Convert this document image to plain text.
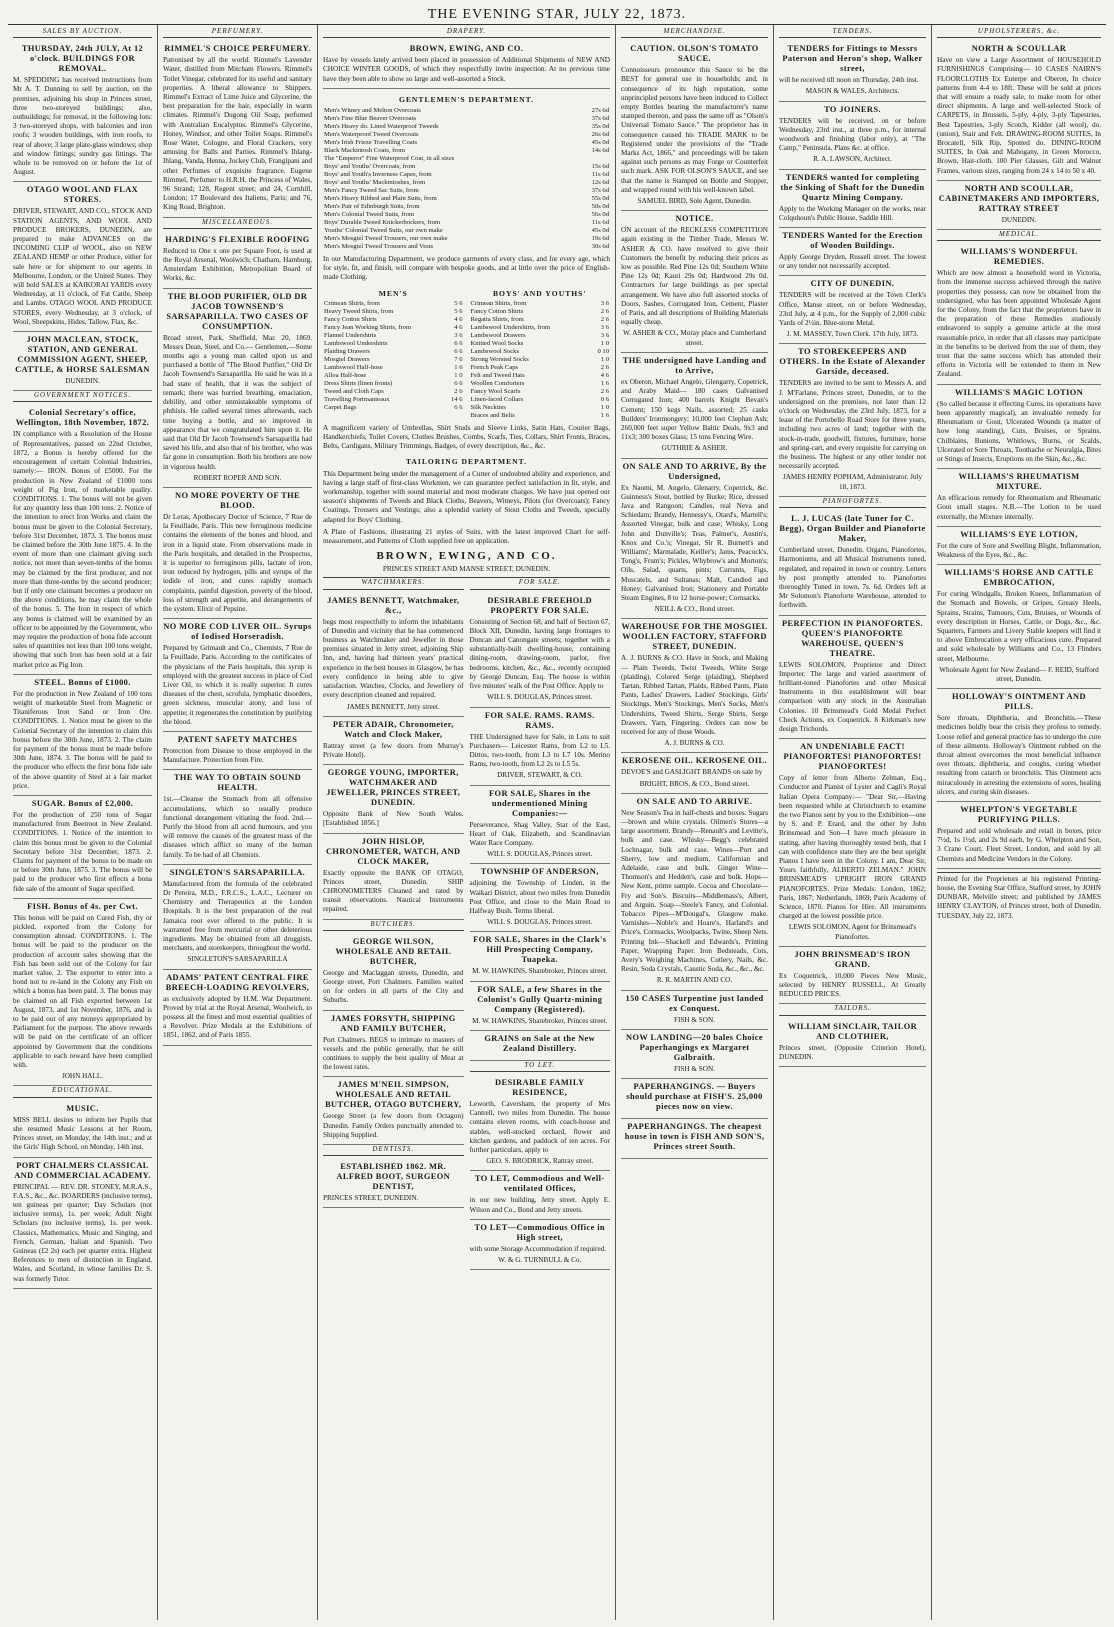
THE EVENING STAR, JULY 22, 1873.
SALES BY AUCTION.
THURSDAY, 24th JULY, At 12 o'clock. BUILDINGS FOR REMOVAL.
M. SPEDDING has received instructions from Mr A. T. Dunning to sell by auction, on the premises, adjoining his shop in Princes street, three two-storeyed buildings; also, outbuildings; for removal, in the following lots: 3 two-storeyed shops, with balconies and iron roofs; 3 wooden buildings, with iron roofs, to rear of above; 3 large plate-glass windows; shop and window fittings; sundry gas fittings. The whole to be removed on or before the 1st of August.
OTAGO WOOL AND FLAX STORES.
DRIVER, STEWART, AND CO., STOCK AND STATION AGENTS, AND WOOL AND PRODUCE BROKERS, DUNEDIN, are prepared to make ADVANCES on the INCOMING CLIP of WOOL, also on NEW ZEALAND HEMP or other Produce, either for sale here or for shipment to our agents in Melbourne, London, or the United States. They will hold SALES at KAIKORAI YARDS every Wednesday, at 11 o'clock, of Fat Cattle, Sheep and Lambs. OTAGO WOOL AND PRODUCE STORES, every Wednesday, at 3 o'clock, of Wool, Sheepskins, Hides, Tallow, Flax, &c.
JOHN MACLEAN, STOCK, STATION, AND GENERAL COMMISSION AGENT, SHEEP, CATTLE, & HORSE SALESMAN
DUNEDIN.
GOVERNMENT NOTICES.
Colonial Secretary's office, Wellington, 18th November, 1872.
IN compliance with a Resolution of the House of Representatives, passed on 22nd October, 1872, a Bonus is hereby offered for the encouragement of certain Colonial Industries, namely:— IRON. Bonus of £5000. For the production in New Zealand of £1000 tons weight of Pig Iron, of marketable quality. CONDITIONS. 1. The bonus will not be given for any quantity less than 100 tons. 2. Notice of the intention to erect Iron Works and claim the bonus must be given to the Colonial Secretary, before 31st December, 1873. 3. The bonus must be claimed before the 30th June 1875. 4. In the event of more than one claimant giving such notice, not more than seven-tenths of the bonus may be claimed by the first producer, and not more than three-tenths by the second producer; but if only one claimant becomes a producer on the above conditions, he may claim the whole of the bonus. 5. The Iron in respect of which any bonus is claimed will be examined by an officer to be appointed by the Government, who may require the production of bona fide account sales of quantities not less than 100 tons weight, showing that such Iron has been sold at a fair market price as Pig Iron.
STEEL. Bonus of £1000.
For the production in New Zealand of 100 tons weight of marketable Steel from Magnetic or Titaniferous Iron Sand or Iron Ore. CONDITIONS. 1. Notice must be given to the Colonial Secretary of the intention to claim this bonus before the 30th June, 1873. 2. The claim for payment of the bonus must be made before 30th June, 1874. 3. The bonus will be paid to the producer who effects the first bona fide sale of the above quantity of Steel at a fair market price.
SUGAR. Bonus of £2,000.
For the production of 250 tons of Sugar manufactured from Beetroot in New Zealand. CONDITIONS. 1. Notice of the intention to claim this bonus must be given to the Colonial Secretary before 31st December, 1873. 2. Claims for payment of the bonus to be made on or before 30th June, 1875. 3. The bonus will be paid to the producer who first effects a bona fide sale of the amount of Sugar specified.
FISH. Bonus of 4s. per Cwt.
This bonus will be paid on Cured Fish, dry or pickled, exported from the Colony for consumption abroad. CONDITIONS. 1. The bonus will be paid to the producer on the production of account sales showing that the Fish has been sold out of the Colony for fair market value. 2. The exporter to enter into a bond not to re-land in the Colony any Fish on which a bonus has been paid. 3. The bonus may be claimed on all Fish exported between 1st August, 1873, and 1st November, 1876, and is to be paid out of any moneys appropriated by Parliament for the purpose. The above rewards will be paid on the certificate of an officer appointed by Government that the conditions applicable to each reward have been complied with.
JOHN HALL.
EDUCATIONAL.
MUSIC.
MISS BELL desires to inform her Pupils that she resumed Music Lessons at her Room, Princes street, on Monday, the 14th inst.; and at the Girls' High School, on Monday, 14th inst.
PORT CHALMERS CLASSICAL AND COMMERCIAL ACADEMY.
PRINCIPAL — REV. DR. STONEY, M.R.A.S., F.A.S., &c., &c. BOARDERS (inclusive terms), ten guineas per quarter; Day Scholars (not inclusive terms), 1s. per week; Adult Night Scholars (no inclusive terms), 1s. per week. Classics, Mathematics, Music and Singing, and French, German, Italian and Spanish. Two Guineas (£2 2s) each per quarter extra. Highest References to men of distinction in England, Wales, and Scotland, in whose families Dr. S. was formerly Tutor.
PERFUMERY.
RIMMEL'S CHOICE PERFUMERY.
Patronised by all the world. Rimmel's Lavender Water, distilled from Mitcham Flowers. Rimmel's Toilet Vinegar, celebrated for its useful and sanitary properties. A liberal allowance to Shippers. Rimmel's Extract of Lime Juice and Glycerine, the best preparation for the hair, especially in warm climates. Rimmel's Dugong Oil Soap, perfumed with Australian Eucalyptus. Rimmel's Glycerine, Honey, Windsor, and other Toilet Soaps. Rimmel's Rose Water, Cologne, and Floral Crackers, very amusing for Balls and Parties. Rimmel's Ihlang-Ihlang, Vanda, Henna, Jockey Club, Frangipani and other Perfumes of exquisite fragrance. Eugene Rimmel, Perfumer to H.R.H. the Princess of Wales, 96 Strand; 128, Regent street; and 24, Cornhill, London; 17 Boulevard des Italiens, Paris; and 76, King Road, Brighton.
MISCELLANEOUS.
HARDING'S FLEXIBLE ROOFING
Reduced to One x one per Square Foot, is used at the Royal Arsenal, Woolwich; Chatham, Hamburg, Amsterdam Exhibition, Metropolitan Board of Works, &c.
THE BLOOD PURIFIER, OLD DR JACOB TOWNSEND'S SARSAPARILLA. TWO CASES OF CONSUMPTION.
Broad street, Park, Sheffield, Mar. 20, 1869. Messrs Dean, Steel, and Co.— Gentlemen,—Some months ago a young man called upon us and purchased a bottle of "The Blood Purifier," Old Dr Jacob Townsend's Sarsaparilla. He said he was in a bad state of health, that it was the subject of remark; there was hurried breathing, emaciation, debility, and other unmistakeable symptoms of phthisis. He called several times afterwards, each time buying a bottle, and so improved in appearance that we congratulated him upon it. He said that Old Dr Jacob Townsend's Sarsaparilla had saved his life, and also that of his brother, who was far gone in consumption. Both his brothers are now in vigorous health.
ROBERT ROPER AND SON.
NO MORE POVERTY OF THE BLOOD.
Dr Leras, Apothecary Doctor of Science, 7 Rue de la Feuillade, Paris. This new ferruginous medicine contains the elements of the bones and blood, and iron in a liquid state. From observations made in the Paris hospitals, and detailed in the Prospectus, it is superior to ferruginous pills, lactate of iron, iron reduced by hydrogen, pills and syrups of the iodide of iron, and cures rapidly stomach complaints, painful digestion, poverty of the blood, loss of strength and appetite, and derangements of the system. Elixir of Pepsine.
NO MORE COD LIVER OIL. Syrups of Iodised Horseradish.
Prepared by Grimault and Co., Chemists, 7 Rue de la Feuillade, Paris. According to the certificates of the physicians of the Paris hospitals, this syrup is employed with the greatest success in place of Cod Liver Oil, to which it is really superior. It cures diseases of the chest, scrofula, lymphatic disorders, green sickness, muscular atony, and loss of appetite; it regenerates the constitution by purifying the blood.
PATENT SAFETY MATCHES
Protection from Disease to those employed in the Manufacture. Protection from Fire.
THE WAY TO OBTAIN SOUND HEALTH.
1st.—Cleanse the Stomach from all offensive accumulations, which so usually produce functional derangement vitiating the food. 2nd.—Purify the blood from all acrid humours, and you will remove the causes of the greatest mass of the diseases which afflict so many of the human family. To be had of all Chemists.
SINGLETON'S SARSAPARILLA.
Manufactured from the formula of the celebrated Dr Pereira, M.D., F.R.C.S., L.A.C., Lecturer on Chemistry and Therapeutics at the London Hospitals. It is the best preparation of the real Jamaica root ever offered to the public. It is warranted free from mercurial or other deleterious ingredients. May be obtained from all druggists, merchants, and storekeepers, throughout the world.
SINGLETON'S SARSAPARILLA
ADAMS' PATENT CENTRAL FIRE BREECH-LOADING REVOLVERS,
as exclusively adopted by H.M. War Department. Proved by trial at the Royal Arsenal, Woolwich, to possess all the finest and most essential qualities of a Revolver. Prize Medals at the Exhibitions of 1851, 1862, and of Paris 1855.
DRAPERY.
BROWN, EWING, AND CO.
Have by vessels lately arrived been placed in possession of Additional Shipments of NEW AND CHOICE WINTER GOODS, of which they respectfully invite inspection. At no previous time have they been able to show so large and well-assorted a Stock.
GENTLEMEN'S DEPARTMENT.
Men's Witney and Melton Overcoats	27s 6d
Men's Fine Blue Beaver Overcoats	37s 6d
Men's Heavy do. Lined Waterproof Tweeds	35s 0d
Men's Waterproof Tweed Overcoats	26s 6d
Men's Irish Frieze Travelling Coats	45s 0d
Black Mackintosh Coats, from	14s 6d
The "Emperor" Fine Waterproof Coat, in all sizes
Boys' and Youths' Overcoats, from	15s 6d
Boys' and Youth's Inverness Capes, from	11s 6d
Boys' and Youths' Mackintoshes, from	12s 6d
Men's Fancy Tweed Sac Suits, from	37s 6d
Men's Heavy Ribbed and Plain Suits, from	55s 0d
Men's Pair of Edinburgh Suits, from	50s 0d
Men's Colonial Tweed Suits, from	56s 0d
Boys' Durable Tweed Knickerbockers, from	11s 6d
Youths' Colonial Tweed Suits, our own make	45s 0d
Men's Mosgiel Tweed Trousers, our own make	19s 6d
Men's Mosgiel Tweed Trousers and Vests	30s 6d
In our Manufacturing Department, we produce garments of every class, and for every age, which for style, fit, and finish, will compare with bespoke goods, and at little over the price of English-made Clothing.
MEN'S
Crimean Shirts, from	5 6
Heavy Tweed Shirts, from	5 6
Fancy Cotton Shirts	4 6
Fancy Jean Working Shirts, from	4 6
Flannel Undershirts	3 6
Lambswool Undershirts	6 6
Plaiding Drawers	6 6
Mosgiel Drawers	7 6
Lambswool Half-hose	1 6
Alloa Half-hose	1 0
Dress Shirts (linen fronts)	6 6
Tweed and Cloth Caps	2 6
Travelling Portmanteaux	14 6
Carpet Bags	6 6
BOYS' AND YOUTHS'
Crimean Shirts, from	3 6
Fancy Cotton Shirts	2 6
Regatta Shirts, from	2 6
Lambswool Undershirts, from	3 6
Lambswool Drawers	3 6
Knitted Wool Socks	1 0
Lambswool Socks	0 10
Strong Worsted Socks	1 0
French Peak Caps	2 6
Felt and Tweed Hats	4 6
Woollen Comforters	1 6
Fancy Wool Scarfs	2 6
Linen-faced Collars	0 6
Silk Neckties	1 0
Braces and Belts	1 6
A magnificent variety of Umbrellas, Shirt Studs and Sleeve Links, Satin Hats, Courier Bags, Handkerchiefs, Toilet Covers, Clothes Brushes, Combs, Scarfs, Ties, Collars, Shirt Fronts, Braces, Belts, Cardigans, Military Trimmings, Badges, of every description, &c., &c.
TAILORING DEPARTMENT.
This Department being under the management of a Cutter of undoubted ability and experience, and having a large staff of first-class Workmen, we can guarantee perfect satisfaction in fit, style, and workmanship, together with sound material and most moderate charges. We have just opened our season's shipments of Tweeds and Black Cloths, Beavers, Witneys, Pilots (for Overcoats); Fancy Coatings, Trousers and Vestings; also a splendid variety of Stout Cloths and Tweeds, specially adapted for Boys' Clothing.
A Plate of Fashions, illustrating 21 styles of Suits, with the latest improved Chart for self-measurement, and Patterns of Cloth supplied free on application.
BROWN, EWING, AND CO.
PRINCES STREET AND MANSE STREET, DUNEDIN.
WATCHMAKERS.
JAMES BENNETT, Watchmaker, &c.,
begs most respectfully to inform the inhabitants of Dunedin and vicinity that he has commenced business as Watchmaker and Jeweller in those premises situated in Jetty street, adjoining Ship Inn, and, having had thirteen years' practical experience in the best houses in Glasgow, he has every confidence in being able to give satisfaction. Watches, Clocks, and Jewellery of every description cleaned and repaired.
JAMES BENNETT, Jetty street.
PETER ADAIR, Chronometer, Watch and Clock Maker,
Rattray street (a few doors from Murray's Private Hotel).
GEORGE YOUNG, IMPORTER, WATCHMAKER AND JEWELLER, PRINCES STREET, DUNEDIN.
Opposite Bank of New South Wales. [Established 1856.]
JOHN HISLOP, CHRONOMETER, WATCH, AND CLOCK MAKER,
Exactly opposite the BANK OF OTAGO, Princes street, Dunedin. SHIP CHRONOMETERS Cleaned and rated by transit observations. Nautical Instruments repaired.
BUTCHERS.
GEORGE WILSON, WHOLESALE AND RETAIL BUTCHER,
George and Maclaggan streets, Dunedin, and George street, Port Chalmers. Families waited on for orders in all parts of the City and Suburbs.
JAMES FORSYTH, SHIPPING AND FAMILY BUTCHER,
Port Chalmers. BEGS to intimate to masters of vessels and the public generally, that he still continues to supply the best quality of Meat at the lowest rates.
JAMES M'NEIL SIMPSON, WHOLESALE AND RETAIL BUTCHER, OTAGO BUTCHERY,
George Street (a few doors from Octagon) Dunedin. Family Orders punctually attended to. Shipping Supplied.
DENTISTS.
ESTABLISHED 1862. MR. ALFRED BOOT, SURGEON DENTIST,
PRINCES STREET, DUNEDIN.
FOR SALE.
DESIRABLE FREEHOLD PROPERTY FOR SALE.
Consisting of Section 68, and half of Section 67, Block XII, Dunedin, having large frontages to Duncan and Canongate streets; together with a substantially-built dwelling-house, containing dining-room, drawing-room, parlor, five bedrooms, kitchen, &c., &c., recently occupied by George Duncan, Esq. The house is within five minutes' walk of the Post Office. Apply to
WILL S. DOUGLAS, Princes street.
FOR SALE. RAMS. RAMS. RAMS.
THE Undersigned have for Sale, in Lots to suit Purchasers— Leicester Rams, from L2 to L5. Dittos, two-tooth, from L3 to L7 10s. Merino Rams, two-tooth, from L2 2s to L5 5s.
DRIVER, STEWART, & CO.
FOR SALE, Shares in the undermentioned Mining Companies:—
Perseverance, Shag Valley, Star of the East, Heart of Oak, Elizabeth, and Scandinavian Water Race Company.
WILL S. DOUGLAS, Princes street.
TOWNSHIP OF ANDERSON,
adjoining the Township of Linden, in the Waikari District, about two miles from Dunedin Post Office, and close to the Main Road to Halfway Bush. Terms liberal.
WILL S. DOUGLAS, Princes street.
FOR SALE, Shares in the Clark's Hill Prospecting Company, Tuapeka.
M. W. HAWKINS, Sharebroker, Princes street.
FOR SALE, a few Shares in the Colonist's Gully Quartz-mining Company (Registered).
M. W. HAWKINS, Sharebroker, Princes street.
GRAINS on Sale at the New Zealand Distillery.
TO LET.
DESIRABLE FAMILY RESIDENCE,
Leworth, Caversham, the property of Mrs Cantrell, two miles from Dunedin. The house contains eleven rooms, with coach-house and stables, well-stocked orchard, flower and kitchen gardens, and paddock of ten acres. For further particulars, apply to
GEO. S. BRODRICK, Rattray street.
TO LET, Commodious and Well-ventilated Offices,
in our new building, Jetty street. Apply E. Wilson and Co., Bond and Jetty streets.
TO LET—Commodious Office in High street,
with some Storage Accommodation if required.
W. & G. TURNBULL & Co.
MERCHANDISE.
CAUTION. OLSON'S TOMATO SAUCE.
Connoisseurs pronounce this Sauce to be the BEST for general use in households; and, in consequence of its high reputation, some unprincipled persons have been induced to Collect empty Bottles bearing the manufacturer's name stamped thereon, and pass the same off as "Olson's Universal Tomato Sauce." The proprietor has in consequence caused his TRADE MARK to be Registered under the provisions of the "Trade Marks Act, 1866," and proceedings will be taken against such persons as may Forge or Counterfeit such mark. ASK FOR OLSON'S SAUCE, and see that the name is Stamped on Bottle and Stopper, and wrapped round with his well-known label.
SAMUEL BIRD, Sole Agent, Dunedin.
NOTICE.
ON account of the RECKLESS COMPETITION again existing in the Timber Trade, Messrs W. ASHER & CO. have resolved to give their Customers the benefit by reducing their prices as low as possible. Red Pine 12s 0d; Southern White Pine 12s 0d; Kauri 29s 0d; Hardwood 29s 0d. Contractors for large buildings as per special arrangement. We have also full assorted stocks of Doors, Sashes, Corrugated Iron, Cement, Plaster of Paris, and all descriptions of Building Materials equally cheap.
W. ASHER & CO., Moray place and Cumberland street.
THE undersigned have Landing and to Arrive,
ex Oberon, Michael Angelo, Glengarry, Copetrick, and Araby Maid— 180 cases Galvanised Corrugated Iron; 400 barrels Knight Bevan's Cement; 150 kegs Nails, assorted; 25 casks Builders' Ironmongery; 10,000 feet Clephan Ash; 260,000 feet super Yellow Baltic Deals, 9x3 and 11x3; 300 boxes Glass; 15 tons Fencing Wire.
GUTHRIE & ASHER.
ON SALE AND TO ARRIVE, By the Undersigned,
Ex Naomi, M. Angelo, Glenarry, Copetrick, &c. Guinness's Stout, bottled by Burke; Rice, dressed Java and Rangoon; Candles, real Neva and Schiedam; Brandy, Hennessy's, Otard's, Martell's; Assorted Vinegar, bulk and case; Whisky, Long John and Dunville's; Teas, Palmer's, Austin's, Knox and Co.'s; Vinegar, Sir R. Burnett's and Williams'; Marmalade, Keiller's; Jams, Peacock's, Tong's, Frum's; Pickles, Whybrow's and Morton's; Oils, Salad, quarts, pints; Currants, Figs, Muscatels, and Sultanas; Malt, Candied and Honey; Galvanised Iron; Stationery and Portable Steam Engines, 8 to 12 horse-power; Cornsacks.
NEILL & CO., Bond street.
WAREHOUSE FOR THE MOSGIEL WOOLLEN FACTORY, STAFFORD STREET, DUNEDIN.
A. J. BURNS & CO. Have in Stock, and Making— Plain Tweeds, Twist Tweeds, White Serge (plaiding), Colored Serge (plaiding), Shepherd Tartan, Ribbed Tartan, Plaids, Ribbed Pants, Plain Pants, Ladies' Drawers, Ladies' Stockings, Girls' Stockings, Men's Stockings, Men's Socks, Men's Undershirts, Tweed Shirts, Serge Shirts, Serge Drawers, Yarn, Fingering. Orders can now be received for any of those Woods.
A. J. BURNS & CO.
KEROSENE OIL. KEROSENE OIL.
DEVOE'S and GASLIGHT BRANDS on sale by
BRIGHT, BROS, & CO., Bond street.
ON SALE AND TO ARRIVE.
New Season's Tea in half-chests and boxes. Sugars—brown and white crystals. Oilmen's Stores—a large assortment. Brandy—Renault's and Levitte's, bulk and case. Whisky—Begg's celebrated Lochnagar, bulk and case. Wines—Port and Sherry, low and medium, Californian and Adelaide, case and bulk. Ginger Wine—Thomson's and Hedden's, case and bulk. Hops—New Kent, prime sample. Cocoa and Chocolate—Fry and Son's. Biscuits—Middlemass's, Albert, and Arguin. Soap—Steele's Fancy, and Colonial. Tobacco Pipes—M'Dougal's, Glasgow make. Varnishes—Noble's and Hoare's, Harland's and Price's. Cornsacks, Woolpacks, Twine, Sheep Nets. Printing Ink—Shackell and Edwards's, Printing Paper, Wrapping Paper. Iron Bedsteads, Cots, Avery's Weighing Machines, Cutlery, Nails, &c. Resin, Soda Crystals, Caustic Soda, &c., &c., &c.
R. R. MARTIN AND CO.
150 CASES Turpentine just landed ex Conquest.
FISH & SON.
NOW LANDING—20 bales Choice Paperhangings ex Margaret Galbraith.
FISH & SON.
PAPERHANGINGS. — Buyers should purchase at FISH'S. 25,000 pieces now on view.
PAPERHANGINGS. The cheapest house in town is FISH AND SON'S, Princes street South.
TENDERS.
TENDERS for Fittings to Messrs Paterson and Heron's shop, Walker street,
will be received till noon on Thursday, 24th inst.
MASON & WALES, Architects.
TO JOINERS.
TENDERS will be received, on or before Wednesday, 23rd inst., at three p.m., for internal woodwork and finishing (labor only), at "The Camp," Peninsula. Plans &c. at office.
R. A. LAWSON, Architect.
TENDERS wanted for completing the Sinking of Shaft for the Dunedin Quartz Mining Company.
Apply to the Working Manager on the works, near Colquhoun's Public House, Saddle Hill.
TENDERS Wanted for the Erection of Wooden Buildings.
Apply George Dryden, Russell street. The lowest or any tender not necessarily accepted.
CITY OF DUNEDIN.
TENDERS will be received at the Town Clerk's Office, Manse street, on or before Wednesday, 23rd July, at 4 p.m., for the Supply of 2,000 cubic Yards of 2½in. Blue-stone Metal.
J. M. MASSEY, Town Clerk. 17th July, 1873.
TO STOREKEEPERS AND OTHERS. In the Estate of Alexander Garside, deceased.
TENDERS are invited to be sent to Messrs A. and J. M'Farlane, Princes street, Dunedin, or to the undersigned on the premises, not later than 12 o'clock on Wednesday, the 23rd July, 1873, for a lease of the Portobello Road Store for three years, including two acres of land; together with the stock-in-trade, goodwill, fixtures, furniture, horse and spring-cart, and every requisite for carrying on the business. The highest or any other tender not necessarily accepted.
JAMES HENRY POPHAM, Administrator. July 18, 1873.
PIANOFORTES.
L. J. LUCAS (late Tuner for C. Begg), Organ Builder and Pianoforte Maker,
Cumberland street, Dunedin. Organs, Pianofortes, Harmoniums, and all Musical Instruments tuned, regulated, and repaired in town or country. Letters by post promptly attended to. Pianofortes thoroughly Tuned in town, 7s. 6d. Orders left at Mr Solomon's Pianoforte Warehouse, attended to forthwith.
PERFECTION IN PIANOFORTES. QUEEN'S PIANOFORTE WAREHOUSE, QUEEN'S THEATRE.
LEWIS SOLOMON, Proprietor and Direct Importer. The large and varied assortment of brilliant-toned Pianofortes and other Musical Instruments in this establishment will bear comparison with any stock in the Australian Colonies. 10 Brinsmead's Gold Medal Perfect Check Actions, ex Coquetrick. 8 Kirkman's new design Trichords.
AN UNDENIABLE FACT! PIANOFORTES! PIANOFORTES! PIANOFORTES!
Copy of letter from Alberto Zelman, Esq., Conductor and Pianist of Lyster and Cagli's Royal Italian Opera Company:— "Dear Sir,—Having been requested while at Christchurch to examine the two Pianos sent by you to the Exhibition—one by S. and P. Erard, and the other by John Brinsmead and Son—I have much pleasure in stating, after having thoroughly tested both, that I can with confidence state they are the best upright Pianos I have seen in the Colony. I am, Dear Sir, Yours faithfully, ALBERTO ZELMAN." JOHN BRINSMEAD'S UPRIGHT IRON GRAND PIANOFORTES. Prize Medals: London, 1862; Paris, 1867; Netherlands, 1869; Paris Academy of Science, 1870. Pianos for Hire. All instruments charged at the lowest possible price.
LEWIS SOLOMON, Agent for Brinsmead's Pianofortes.
JOHN BRINSMEAD'S IRON GRAND.
Ex Coquetrick, 10,000 Pieces New Music, selected by HENRY RUSSELL, At Greatly REDUCED PRICES.
TAILORS.
WILLIAM SINCLAIR, TAILOR AND CLOTHIER,
Princes street, (Opposite Criterion Hotel), DUNEDIN.
UPHOLSTERERS, &c.
NORTH & SCOULLAR
Have on view a Large Assortment of HOUSEHOLD FURNISHINGS Comprising— 10 CASES NAIRN'S FLOORCLOTHS Ex Euterpe and Oberon, In choice patterns from 4-4 to 18ft. These will be sold at prices that will ensure a ready sale, to make room for other direct shipments. A large and well-selected Stock of CARPETS, in Brussels, 5-ply, 4-ply, 3-ply Tapestries, Best Tapestries, 3-ply Scotch, Kidder (all wool), do. (union), Stair and Felt. DRAWING-ROOM SUITES, In Brocatell, Silk Rip, Spotted do. DINING-ROOM SUITES, In Oak and Mahogany, in Green Morocco, Brown, Hair-cloth. 100 Pier Glasses, Gilt and Walnut Frames, various sizes, ranging from 24 x 14 to 50 x 40.
NORTH AND SCOULLAR, CABINETMAKERS AND IMPORTERS, RATTRAY STREET
DUNEDIN.
MEDICAL.
WILLIAMS'S WONDERFUL REMEDIES.
Which are now almost a household word in Victoria, from the immense success achieved through the native properties they possess, can now be obtained from the undersigned, who has been appointed Wholesale Agent for the Colony, from the fact that the proprietors have in the preparation of these Remedies studiously endeavored to supply a genuine article at the most reasonable price, in order that all classes may participate in the benefits to be derived from the use of them, they trust that the same success which has attended their efforts in Victoria will be extended to them in New Zealand.
WILLIAMS'S MAGIC LOTION
(So called because it effecting Cures, its operations have been apparently magical), an invaluable remedy for Rheumatism or Gout, Ulcerated Wounds (a matter of how long standing), Cuts, Bruises, or Sprains, Chilblains, Bunions, Whitlows, Burns, or Scalds, Ulcerated or Sore Throats, Toothache or Neuralgia, Bites or Stings of Insects, Eruptions on the Skin, &c., &c.
WILLIAMS'S RHEUMATISM MIXTURE.
An efficacious remedy for Rheumatism and Rheumatic Gout small stages. N.B.—The Lotion to be used externally, the Mixture internally.
WILLIAMS'S EYE LOTION,
For the cure of Sore and Swelling Blight, Inflammation, Weakness of the Eyes, &c., &c.
WILLIAMS'S HORSE AND CATTLE EMBROCATION,
For curing Windgalls, Broken Knees, Inflammation of the Stomach and Bowels, or Gripes, Greasy Heels, Sprains, Strains, Tumours, Cuts, Bruises, or Wounds of every description in Horses, Cattle, or Dogs, &c., &c. Squatters, Farmers and Livery Stable keepers will find it to above Embrocation a very efficacious cure. Prepared and sold wholesale by Williams and Co., 13 Flinders street, Melbourne.
Wholesale Agent for New Zealand— F. REID, Stafford street, Dunedin.
HOLLOWAY'S OINTMENT AND PILLS.
Sore throats, Diphtheria, and Bronchitis.—These medicines boldly bear the crisis they profess to remedy. Loose relief and general practice has to undergo the cure of these ailments. Holloway's Ointment rubbed on the throat almost overcomes the most beneficial influence over throats, diphtheria, and coughs, curing whether resulting from catarrh or bronchitis. This Ointment acts miraculously in arresting the extensions of sores, healing ulcers, and curing skin diseases.
WHELPTON'S VEGETABLE PURIFYING PILLS.
Prepared and sold wholesale and retail in boxes, price 7½d, 1s 1½d, and 2s 9d each, by G. Whelpton and Son, 3 Crane Court, Fleet Street, London, and sold by all Chemists and Medicine Vendors in the Colony.
Printed for the Proprietors at his registered Printing-house, the Evening Star Office, Stafford street, by JOHN DUNBAR, Melville street; and published by JAMES HENRY CLAYTON, of Princes street, both of Dunedin. TUESDAY, July 22, 1873.
